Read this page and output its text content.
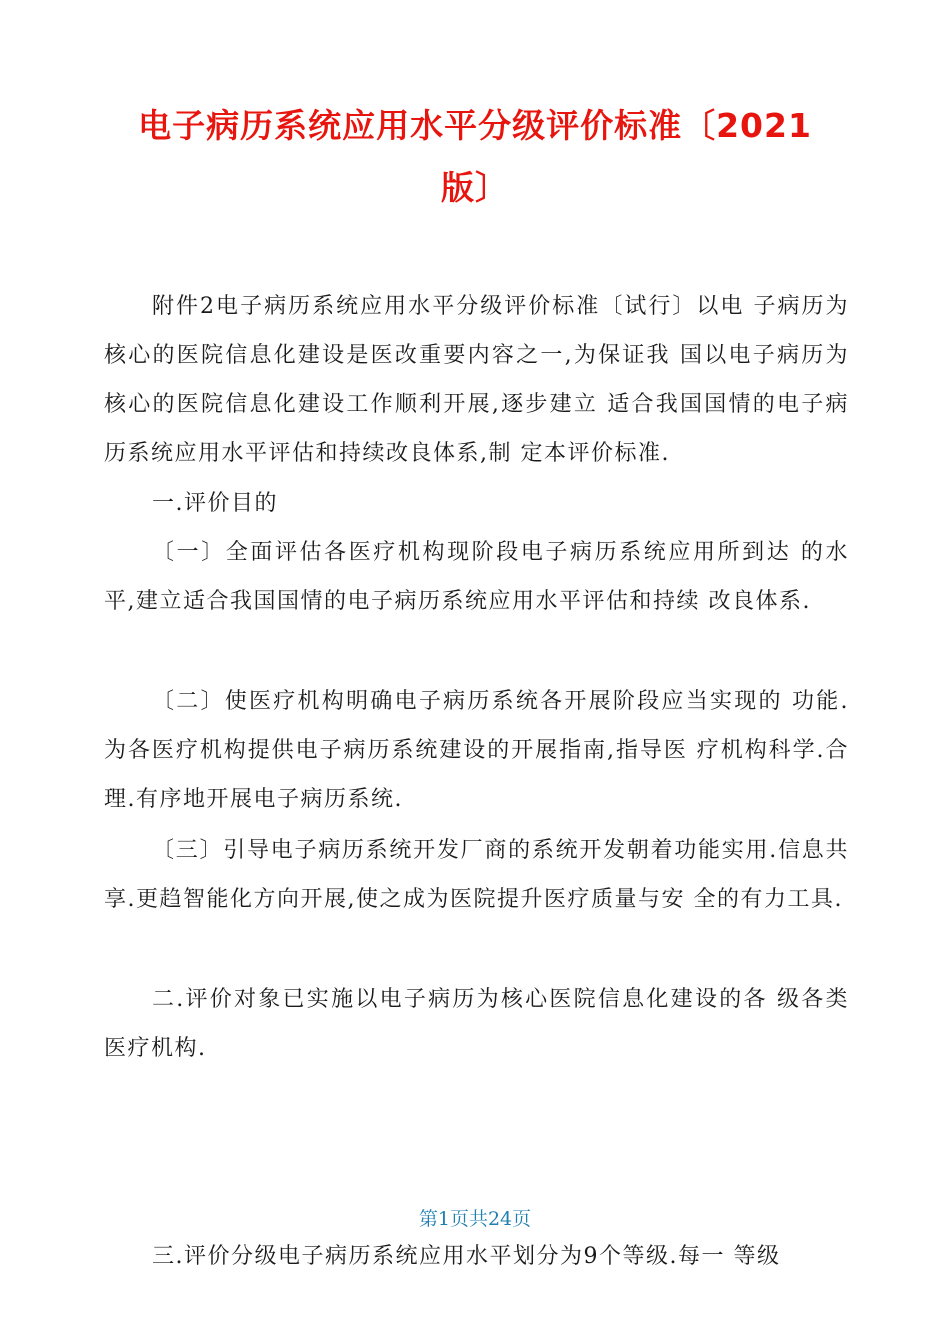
电子病历系统应用水平分级评价标准〔2021
版〕

附件2电子病历系统应用水平分级评价标准〔试行〕以电 子病历为核心的医院信息化建设是医改重要内容之一,为保证我 国以电子病历为核心的医院信息化建设工作顺利开展,逐步建立 适合我国国情的电子病历系统应用水平评估和持续改良体系,制 定本评价标准.

一.评价目的

〔一〕全面评估各医疗机构现阶段电子病历系统应用所到达 的水平,建立适合我国国情的电子病历系统应用水平评估和持续 改良体系.

〔二〕使医疗机构明确电子病历系统各开展阶段应当实现的 功能.为各医疗机构提供电子病历系统建设的开展指南,指导医 疗机构科学.合理.有序地开展电子病历系统.

〔三〕引导电子病历系统开发厂商的系统开发朝着功能实用.信息共享.更趋智能化方向开展,使之成为医院提升医疗质量与安 全的有力工具.

二.评价对象已实施以电子病历为核心医院信息化建设的各 级各类医疗机构.

第1页共24页

三.评价分级电子病历系统应用水平划分为9个等级.每一 等级
